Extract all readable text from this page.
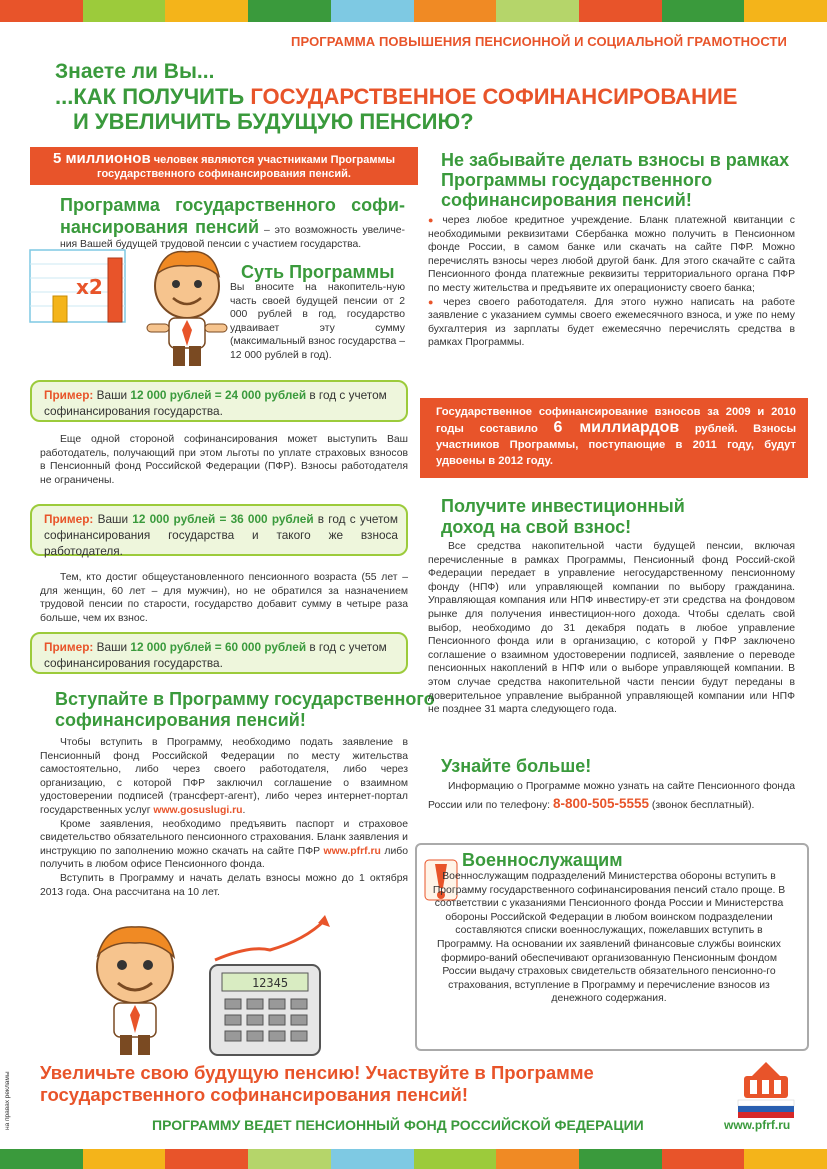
ПРОГРАММА ПОВЫШЕНИЯ ПЕНСИОННОЙ И СОЦИАЛЬНОЙ ГРАМОТНОСТИ
Знаете ли Вы...
...КАК ПОЛУЧИТЬ ГОСУДАРСТВЕННОЕ СОФИНАНСИРОВАНИЕ
И УВЕЛИЧИТЬ БУДУЩУЮ ПЕНСИЮ?
5 миллионов человек являются участниками Программы государственного софинансирования пенсий.
Программа государственного софи-
нансирования пенсий – это возможность увеличе-ния Вашей будущей трудовой пенсии с участием государства.
x2
Суть Программы
Вы вносите на накопитель-ную часть своей будущей пенсии от 2 000 рублей в год, государство удваивает эту сумму (максимальный взнос государства – 12 000 рублей в год).
Пример: Ваши 12 000 рублей = 24 000 рублей в год с учетом софинансирования государства.
Еще одной стороной софинансирования может выступить Ваш работодатель, получающий при этом льготы по уплате страховых взносов в Пенсионный фонд Российской Федерации (ПФР). Взносы работодателя не ограничены.
Пример: Ваши 12 000 рублей = 36 000 рублей в год с учетом софинансирования государства и такого же взноса работодателя.
Тем, кто достиг общеустановленного пенсионного возраста (55 лет – для женщин, 60 лет – для мужчин), но не обратился за назначением трудовой пенсии по старости, государство добавит сумму в четыре раза больше, чем их взнос.
Пример: Ваши 12 000 рублей = 60 000 рублей в год с учетом софинансирования государства.
Вступайте в Программу государственного
софинансирования пенсий!

Чтобы вступить в Программу, необходимо подать заявление в Пенсионный фонд Российской Федерации по месту жительства самостоятельно, либо через своего работодателя, либо через организацию, с которой ПФР заключил соглашение о взаимном удостоверении подписей (трансферт-агент), либо через интернет-портал государственных услуг www.gosuslugi.ru.

Кроме заявления, необходимо предъявить паспорт и страховое свидетельство обязательного пенсионного страхования. Бланк заявления и инструкцию по заполнению можно скачать на сайте ПФР www.pfrf.ru либо получить в любом офисе Пенсионного фонда.

Вступить в Программу и начать делать взносы можно до 1 октября 2013 года. Она рассчитана на 10 лет.

12345
Не забывайте делать взносы в рамках Программы государственного софинансирования пенсий!

● через любое кредитное учреждение. Бланк платежной квитанции с необходимыми реквизитами Сбербанка можно получить в Пенсионном фонде России, в самом банке или скачать на сайте ПФР. Можно перечислять взносы через любой другой банк. Для этого скачайте с сайта Пенсионного фонда платежные реквизиты территориального органа ПФР по месту жительства и предъявите их операционисту своего банка;

● через своего работодателя. Для этого нужно написать на работе заявление с указанием суммы своего ежемесячного взноса, и уже по нему бухгалтерия из зарплаты будет ежемесячно перечислять средства в рамках Программы.

Государственное софинансирование взносов за 2009 и 2010 годы составило 6 миллиардов рублей. Взносы участников Программы, поступающие в 2011 году, будут удвоены в 2012 году.
Получите инвестиционный
доход на свой взнос!
Все средства накопительной части будущей пенсии, включая перечисленные в рамках Программы, Пенсионный фонд Россий-ской Федерации передает в управление негосударственному пенсионному фонду (НПФ) или управляющей компании по выбору гражданина. Управляющая компания или НПФ инвестиру-ет эти средства на фондовом рынке для получения инвестицион-ного дохода. Чтобы сделать свой выбор, необходимо до 31 декабря подать в любое управление Пенсионного фонда или в организацию, с которой у ПФР заключено соглашение о взаимном удостоверении подписей, заявление о переводе пенсионных накоплений в НПФ или о выборе управляющей компании. В этом случае средства накопительной части пенсии будут переданы в доверительное управление выбранной управляющей компании или НПФ не позднее 31 марта следующего года.
Узнайте больше!
Информацию о Программе можно узнать на сайте Пенсионного фонда России или по телефону: 8-800-505-5555 (звонок бесплатный).
Военнослужащим
Военнослужащим подразделений Министерства обороны вступить в Программу государственного софинансирования пенсий стало проще. В соответствии с указаниями Пенсионного фонда России и Министерства обороны Российской Федерации в любом воинском подразделении составляются списки военнослужащих, пожелавших вступить в Программу. На основании их заявлений финансовые службы воинских формиро-ваний обеспечивают организованную Пенсионным фондом России выдачу страховых свидетельств обязательного пенсионно-го страхования, вступление в Программу и перечисление взносов из денежного содержания.
Увеличьте свою будущую пенсию! Участвуйте в Программе
государственного софинансирования пенсий!
ПРОГРАММУ ВЕДЕТ ПЕНСИОННЫЙ ФОНД РОССИЙСКОЙ ФЕДЕРАЦИИ	www.pfrf.ru
на правах рекламы
